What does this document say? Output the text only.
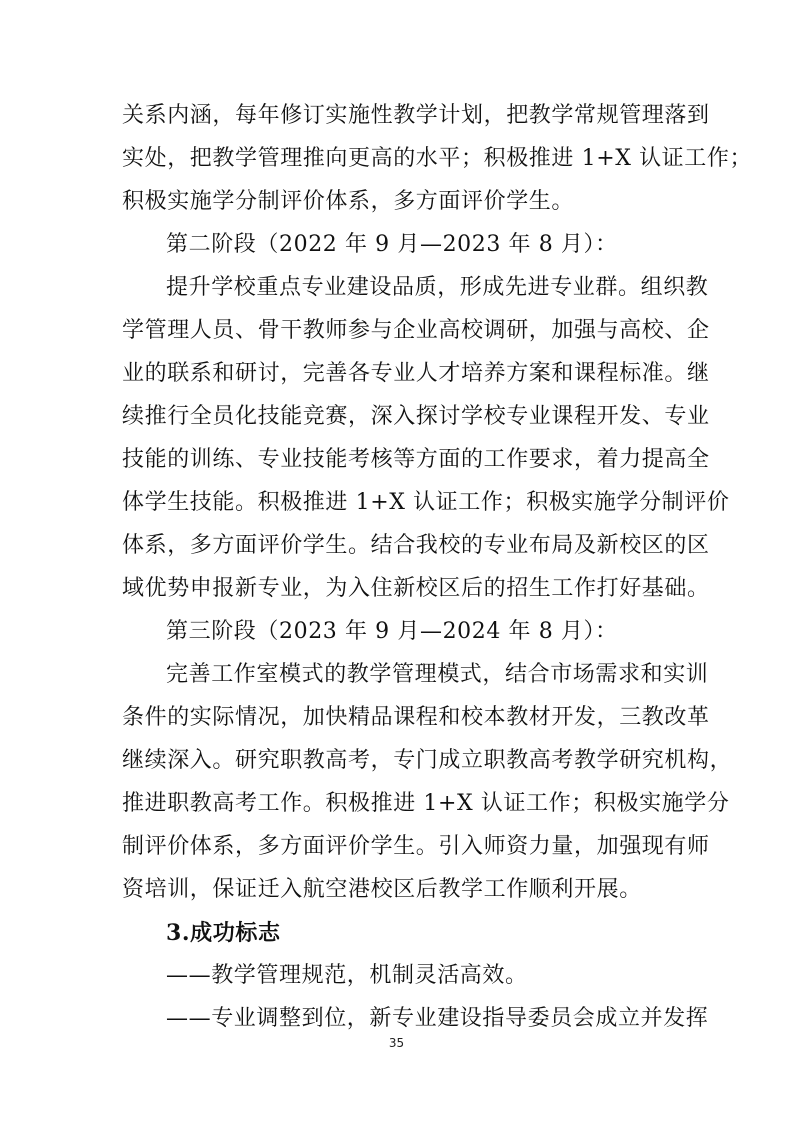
关系内涵，每年修订实施性教学计划，把教学常规管理落到
实处，把教学管理推向更高的水平；积极推进 1+X 认证工作；
积极实施学分制评价体系，多方面评价学生。
第二阶段（2022 年 9 月—2023 年 8 月）：
提升学校重点专业建设品质，形成先进专业群。组织教
学管理人员、骨干教师参与企业高校调研，加强与高校、企
业的联系和研讨，完善各专业人才培养方案和课程标准。继
续推行全员化技能竞赛，深入探讨学校专业课程开发、专业
技能的训练、专业技能考核等方面的工作要求，着力提高全
体学生技能。积极推进 1+X 认证工作；积极实施学分制评价
体系，多方面评价学生。结合我校的专业布局及新校区的区
域优势申报新专业，为入住新校区后的招生工作打好基础。
第三阶段（2023 年 9 月—2024 年 8 月）：
完善工作室模式的教学管理模式，结合市场需求和实训
条件的实际情况，加快精品课程和校本教材开发，三教改革
继续深入。研究职教高考，专门成立职教高考教学研究机构，
推进职教高考工作。积极推进 1+X 认证工作；积极实施学分
制评价体系，多方面评价学生。引入师资力量，加强现有师
资培训，保证迁入航空港校区后教学工作顺利开展。
3.成功标志
——教学管理规范，机制灵活高效。
——专业调整到位，新专业建设指导委员会成立并发挥
35
